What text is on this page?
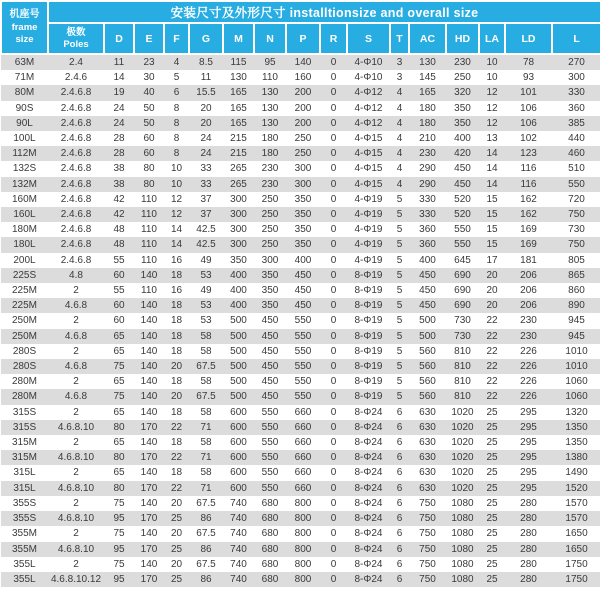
机座号
frame size	安装尺寸及外形尺寸 installtionsize and overall size															
	极数
Poles	D	E	F	G	M	N	P	R	S	T	AC	HD	LA	LD	L
63M	2.4	11	23	4	8.5	115	95	140	0	4-Φ10	3	130	230	10	78	270
71M	2.4.6	14	30	5	11	130	110	160	0	4-Φ10	3	145	250	10	93	300
80M	2.4.6.8	19	40	6	15.5	165	130	200	0	4-Φ12	4	165	320	12	101	330
90S	2.4.6.8	24	50	8	20	165	130	200	0	4-Φ12	4	180	350	12	106	360
90L	2.4.6.8	24	50	8	20	165	130	200	0	4-Φ12	4	180	350	12	106	385
100L	2.4.6.8	28	60	8	24	215	180	250	0	4-Φ15	4	210	400	13	102	440
112M	2.4.6.8	28	60	8	24	215	180	250	0	4-Φ15	4	230	420	14	123	460
132S	2.4.6.8	38	80	10	33	265	230	300	0	4-Φ15	4	290	450	14	116	510
132M	2.4.6.8	38	80	10	33	265	230	300	0	4-Φ15	4	290	450	14	116	550
160M	2.4.6.8	42	110	12	37	300	250	350	0	4-Φ19	5	330	520	15	162	720
160L	2.4.6.8	42	110	12	37	300	250	350	0	4-Φ19	5	330	520	15	162	750
180M	2.4.6.8	48	110	14	42.5	300	250	350	0	4-Φ19	5	360	550	15	169	730
180L	2.4.6.8	48	110	14	42.5	300	250	350	0	4-Φ19	5	360	550	15	169	750
200L	2.4.6.8	55	110	16	49	350	300	400	0	4-Φ19	5	400	645	17	181	805
225S	4.8	60	140	18	53	400	350	450	0	8-Φ19	5	450	690	20	206	865
225M	2	55	110	16	49	400	350	450	0	8-Φ19	5	450	690	20	206	860
225M	4.6.8	60	140	18	53	400	350	450	0	8-Φ19	5	450	690	20	206	890
250M	2	60	140	18	53	500	450	550	0	8-Φ19	5	500	730	22	230	945
250M	4.6.8	65	140	18	58	500	450	550	0	8-Φ19	5	500	730	22	230	945
280S	2	65	140	18	58	500	450	550	0	8-Φ19	5	560	810	22	226	1010
280S	4.6.8	75	140	20	67.5	500	450	550	0	8-Φ19	5	560	810	22	226	1010
280M	2	65	140	18	58	500	450	550	0	8-Φ19	5	560	810	22	226	1060
280M	4.6.8	75	140	20	67.5	500	450	550	0	8-Φ19	5	560	810	22	226	1060
315S	2	65	140	18	58	600	550	660	0	8-Φ24	6	630	1020	25	295	1320
315S	4.6.8.10	80	170	22	71	600	550	660	0	8-Φ24	6	630	1020	25	295	1350
315M	2	65	140	18	58	600	550	660	0	8-Φ24	6	630	1020	25	295	1350
315M	4.6.8.10	80	170	22	71	600	550	660	0	8-Φ24	6	630	1020	25	295	1380
315L	2	65	140	18	58	600	550	660	0	8-Φ24	6	630	1020	25	295	1490
315L	4.6.8.10	80	170	22	71	600	550	660	0	8-Φ24	6	630	1020	25	295	1520
355S	2	75	140	20	67.5	740	680	800	0	8-Φ24	6	750	1080	25	280	1570
355S	4.6.8.10	95	170	25	86	740	680	800	0	8-Φ24	6	750	1080	25	280	1570
355M	2	75	140	20	67.5	740	680	800	0	8-Φ24	6	750	1080	25	280	1650
355M	4.6.8.10	95	170	25	86	740	680	800	0	8-Φ24	6	750	1080	25	280	1650
355L	2	75	140	20	67.5	740	680	800	0	8-Φ24	6	750	1080	25	280	1750
355L	4.6.8.10.12	95	170	25	86	740	680	800	0	8-Φ24	6	750	1080	25	280	1750
